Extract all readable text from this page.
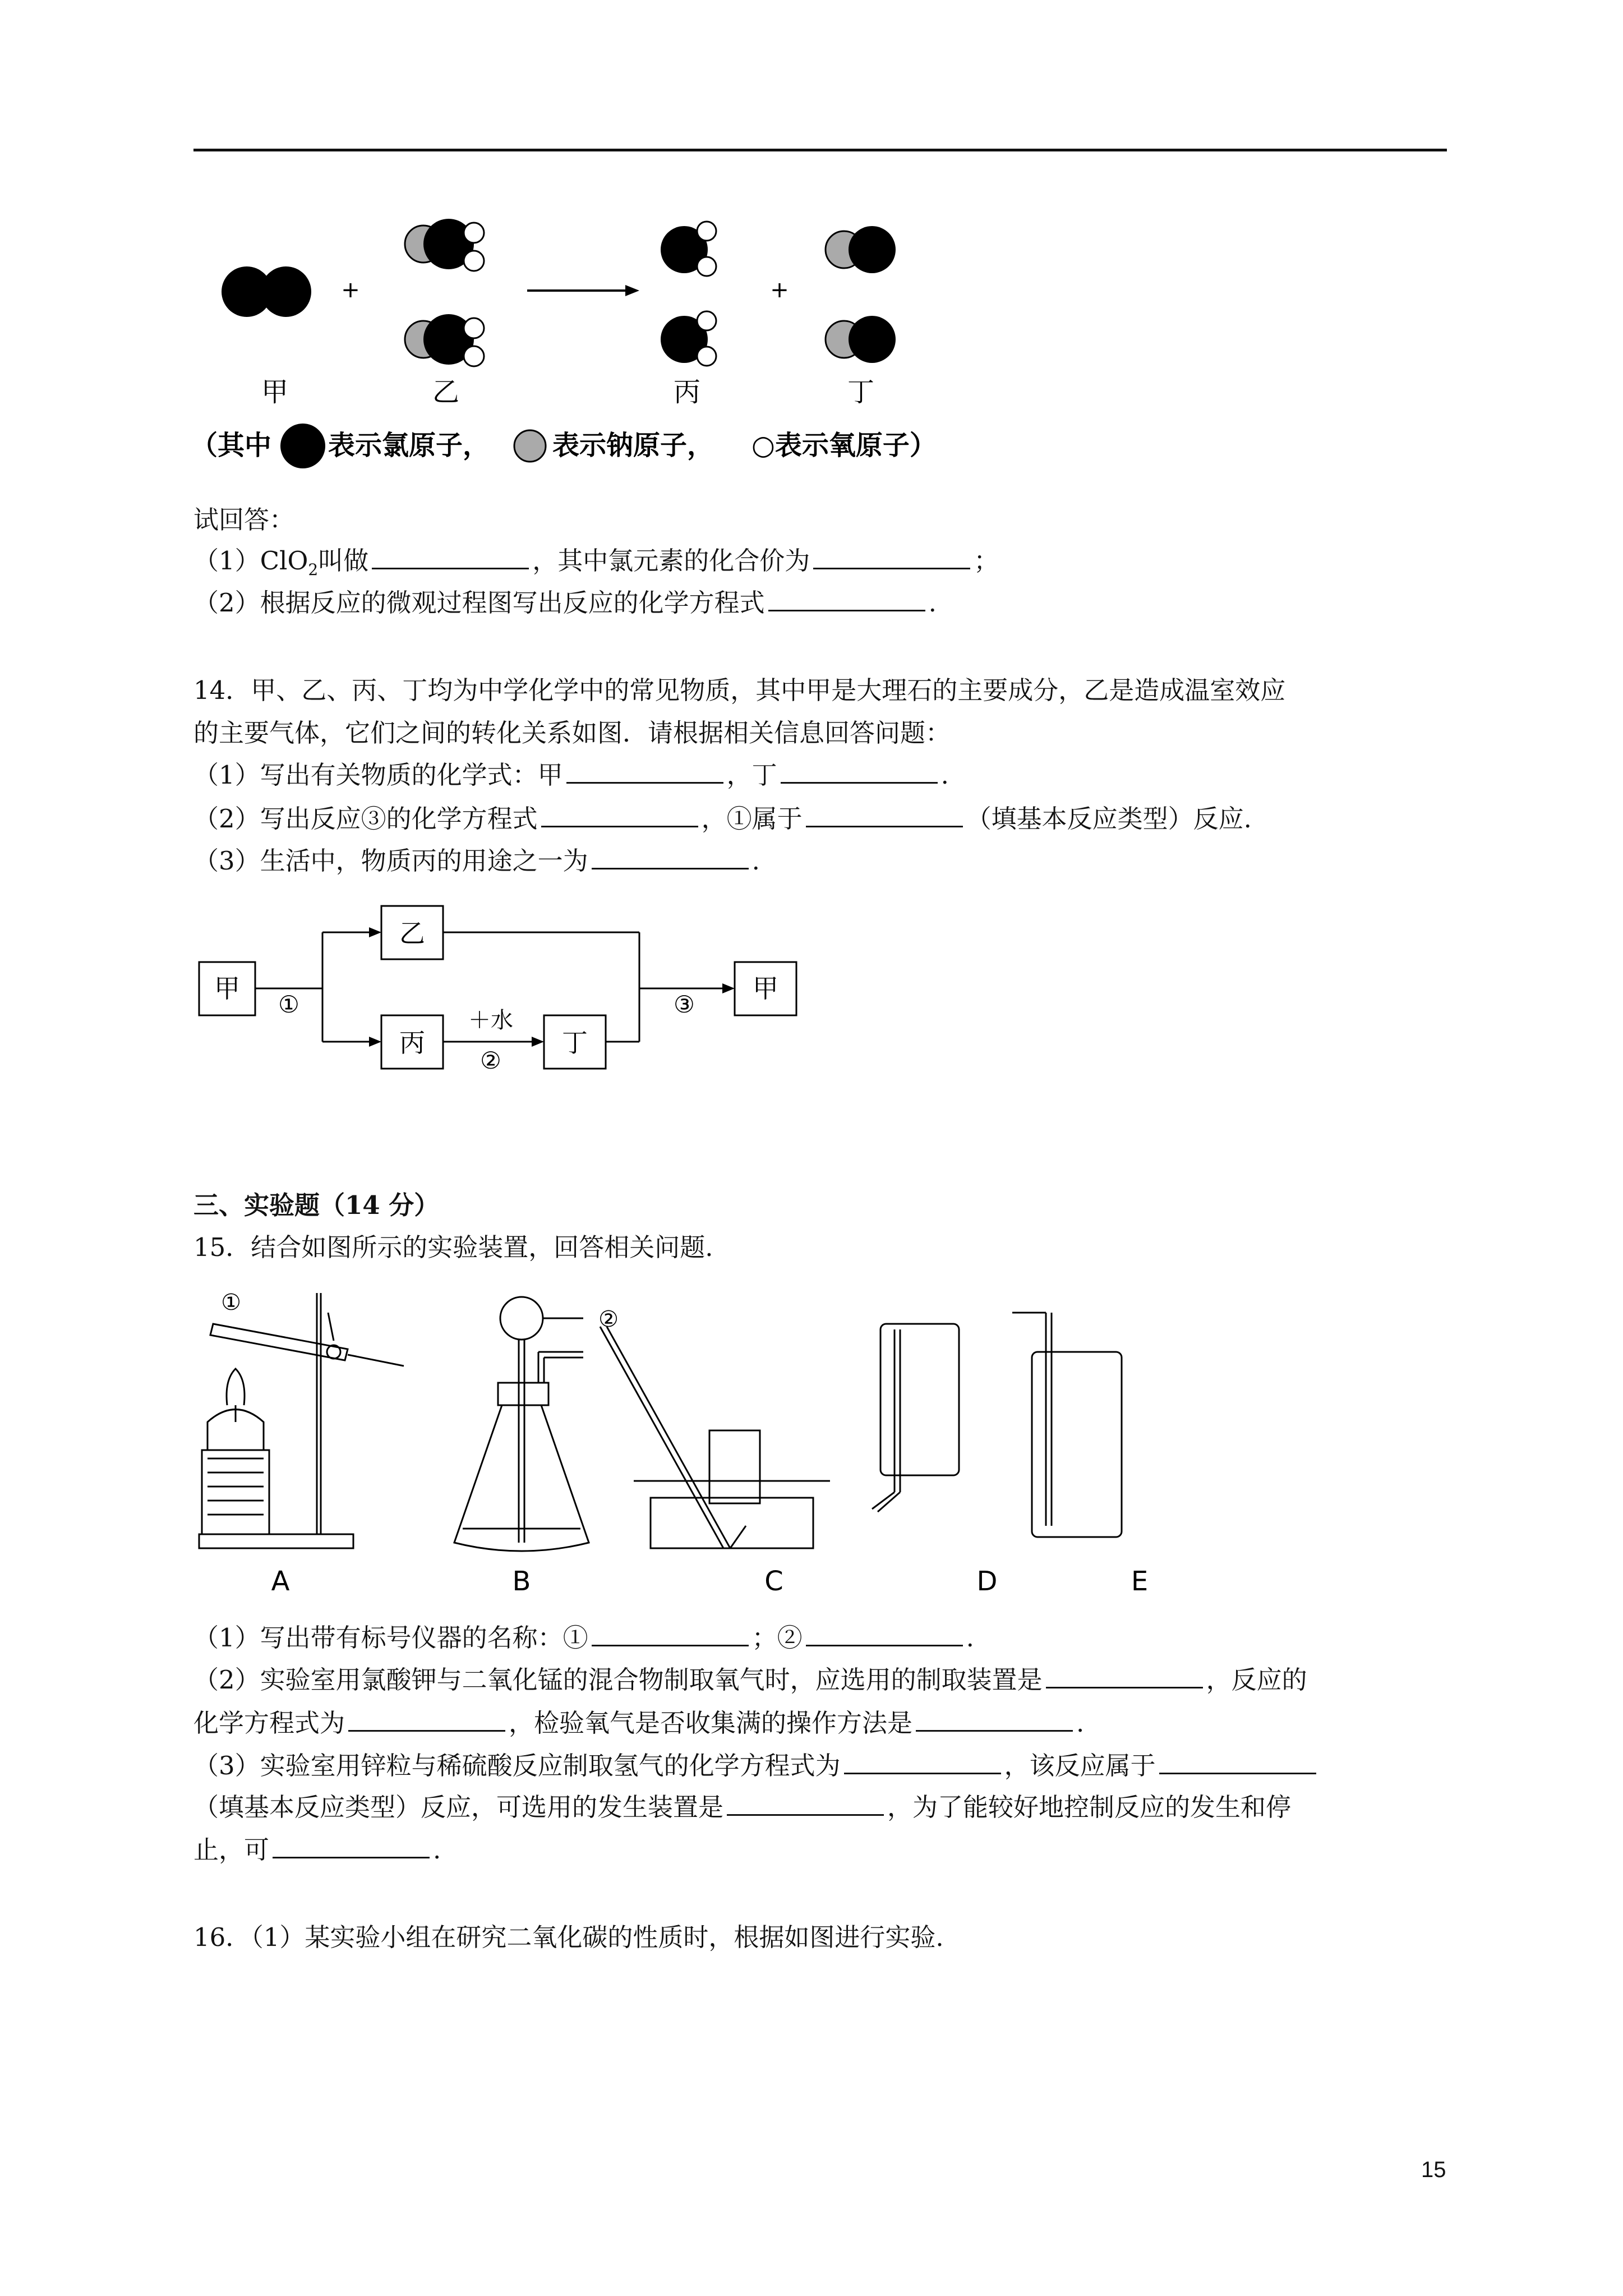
+	+
甲	乙	丙	丁
（其中 表示氯原子， 表示钠原子， ○表示氧原子）
试回答：
（1）ClO$_2$叫做	，其中氯元素的化合价为	；
（2）根据反应的微观过程图写出反应的化学方程式	.
14．甲、乙、丙、丁均为中学化学中的常见物质，其中甲是大理石的主要成分，乙是造成温室效应
的主要气体，它们之间的转化关系如图．请根据相关信息回答问题：
（1）写出有关物质的化学式：甲	，丁	.
（2）写出反应③的化学方程式	，①属于	（填基本反应类型）反应.
（3）生活中，物质丙的用途之一为	.
甲
乙
丙	丁
甲
①
＋水
②
③
三、实验题（14 分）
15．结合如图所示的实验装置，回答相关问题.
①
②
A	B	C	D	E
（1）写出带有标号仪器的名称：①	；②	.
（2）实验室用氯酸钾与二氧化锰的混合物制取氧气时，应选用的制取装置是	，反应的
化学方程式为	，检验氧气是否收集满的操作方法是	.
（3）实验室用锌粒与稀硫酸反应制取氢气的化学方程式为	，该反应属于
（填基本反应类型）反应，可选用的发生装置是	，为了能较好地控制反应的发生和停
止，可	.
16．（1）某实验小组在研究二氧化碳的性质时，根据如图进行实验.
15
